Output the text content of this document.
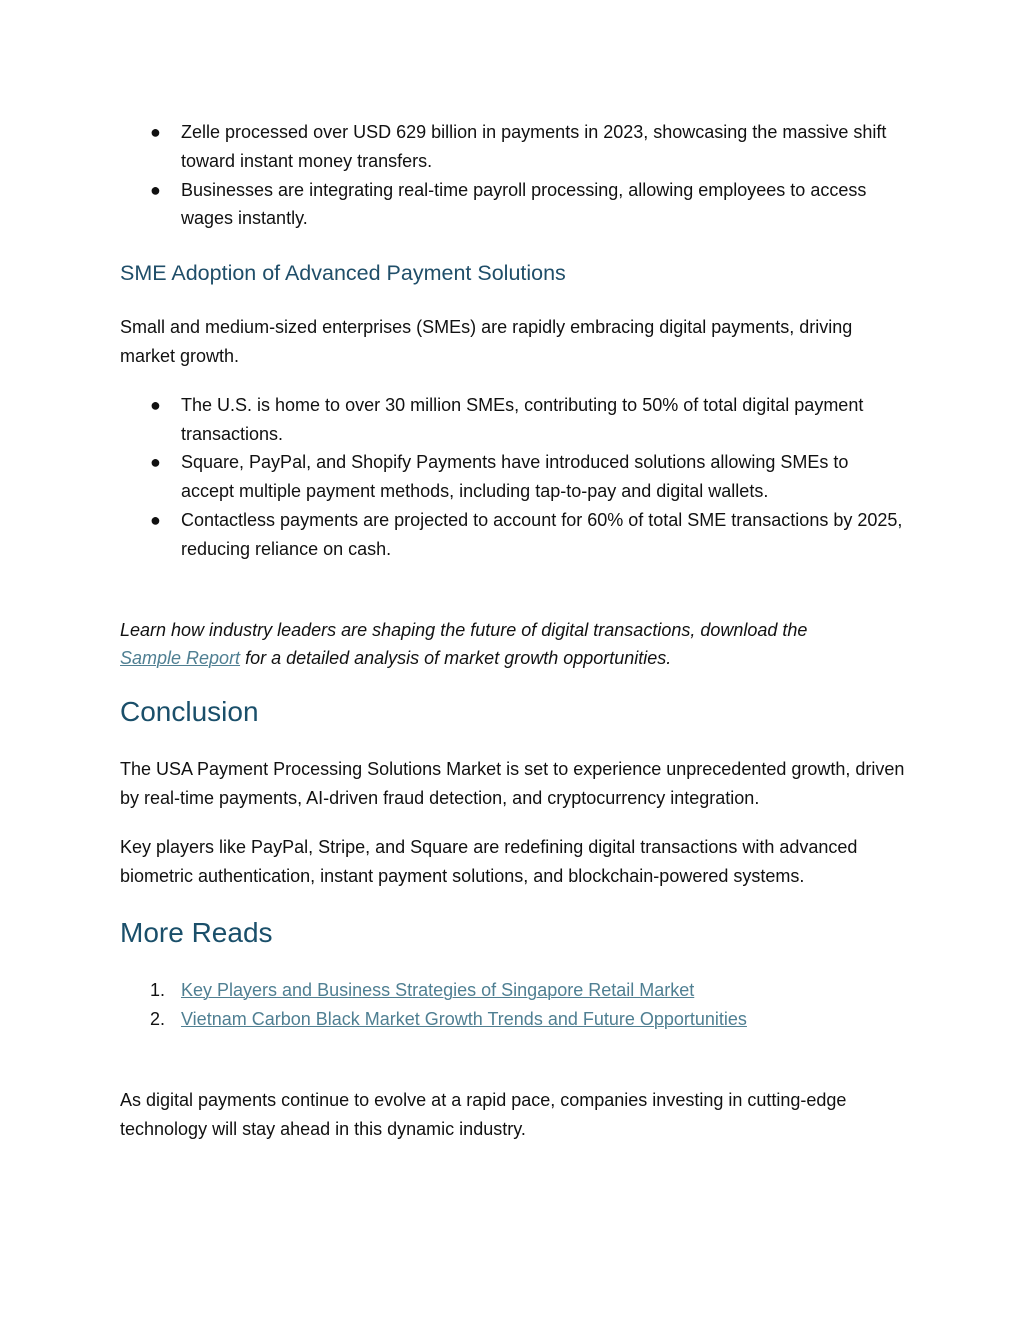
● Zelle processed over USD 629 billion in payments in 2023, showcasing the massive shift toward instant money transfers.
● Businesses are integrating real-time payroll processing, allowing employees to access wages instantly.
SME Adoption of Advanced Payment Solutions

Small and medium-sized enterprises (SMEs) are rapidly embracing digital payments, driving market growth.

● The U.S. is home to over 30 million SMEs, contributing to 50% of total digital payment transactions.
● Square, PayPal, and Shopify Payments have introduced solutions allowing SMEs to accept multiple payment methods, including tap-to-pay and digital wallets.
● Contactless payments are projected to account for 60% of total SME transactions by 2025, reducing reliance on cash.

Learn how industry leaders are shaping the future of digital transactions, download the
Sample Report for a detailed analysis of market growth opportunities.

Conclusion

The USA Payment Processing Solutions Market is set to experience unprecedented growth, driven by real-time payments, AI-driven fraud detection, and cryptocurrency integration.

Key players like PayPal, Stripe, and Square are redefining digital transactions with advanced biometric authentication, instant payment solutions, and blockchain-powered systems.

More Reads
1. Key Players and Business Strategies of Singapore Retail Market
2. Vietnam Carbon Black Market Growth Trends and Future Opportunities

As digital payments continue to evolve at a rapid pace, companies investing in cutting-edge technology will stay ahead in this dynamic industry.
